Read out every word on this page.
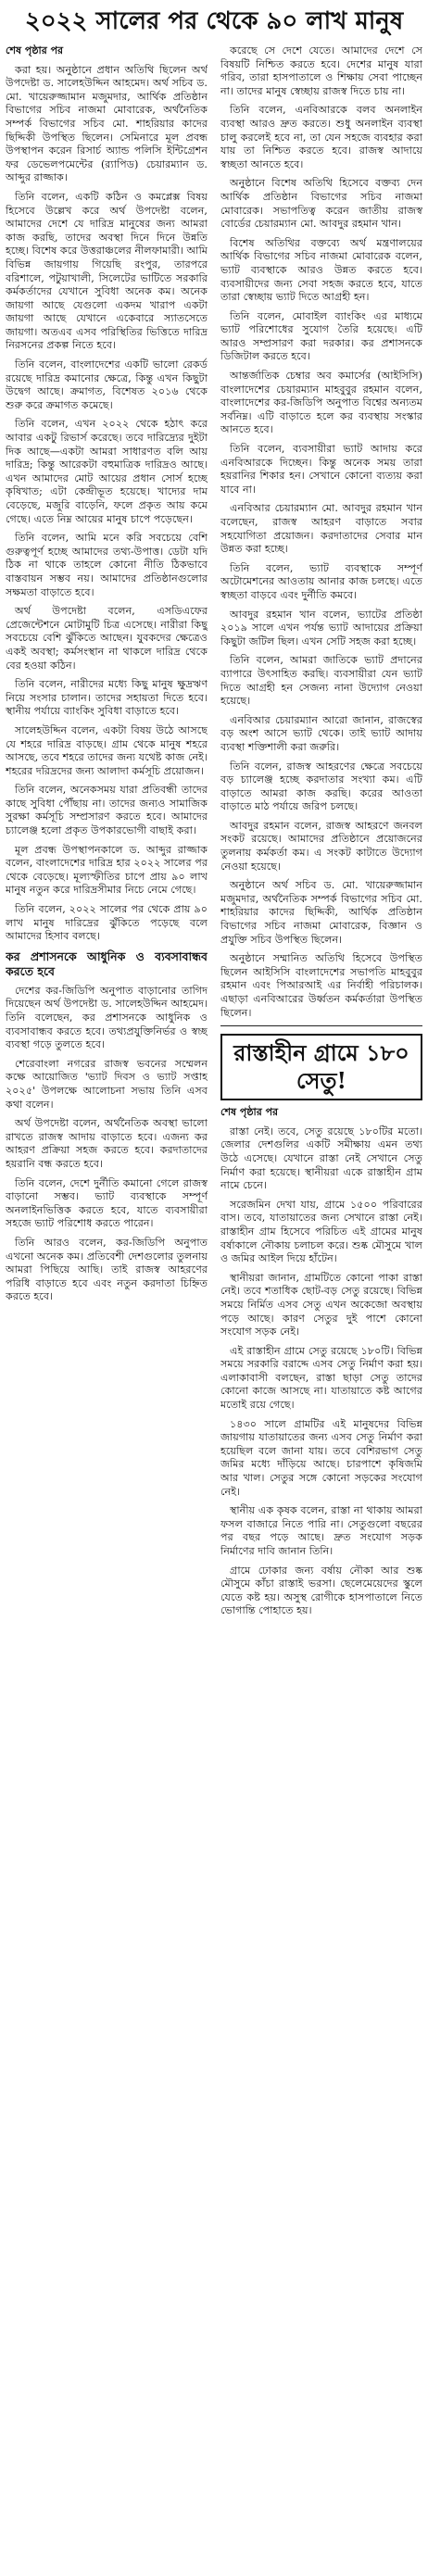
২০২২ সালের পর থেকে ৯০ লাখ মানুষ

শেষ পৃষ্ঠার পর

করা হয়। অনুষ্ঠানে প্রধান অতিথি ছিলেন অর্থ উপদেষ্টা ড. সালেহউদ্দিন আহমেদ। অর্থ সচিব ড. মো. খায়েরুজ্জামান মজুমদার, আর্থিক প্রতিষ্ঠান বিভাগের সচিব নাজমা মোবারেক, অর্থনৈতিক সম্পর্ক বিভাগের সচিব মো. শাহরিয়ার কাদের ছিদ্দিকী উপস্থিত ছিলেন। সেমিনারে মূল প্রবন্ধ উপস্থাপন করেন রিসার্চ অ্যান্ড পলিসি ইন্টিগ্রেশন ফর ডেভেলপমেন্টের (র‍্যাপিড) চেয়ারম্যান ড. আব্দুর রাজ্জাক।

তিনি বলেন, একটি কঠিন ও কমপ্লেক্স বিষয় হিসেবে উল্লেখ করে অর্থ উপদেষ্টা বলেন, আমাদের দেশে যে দারিদ্র মানুষের জন্য আমরা কাজ করছি, তাদের অবস্থা দিনে দিনে উন্নতি হচ্ছে। বিশেষ করে উত্তরাঞ্চলের নীলফামারী। আমি বিভিন্ন জায়গায় গিয়েছি রংপুর, তারপরে বরিশালে, পটুয়াখালী, সিলেটের ভাটিতে সরকারি কর্মকর্তাদের যেখানে সুবিধা অনেক কম। অনেক জায়গা আছে যেগুলো একদম খারাপ একটা জায়গা আছে যেখানে একেবারে স্যাতসেতে জায়গা। অতএব এসব পরিস্থিতির ভিত্তিতে দারিদ্র নিরসনের প্রকল্প নিতে হবে।

তিনি বলেন, বাংলাদেশের একটি ভালো রেকর্ড রয়েছে দারিদ্র কমানোর ক্ষেত্রে, কিন্তু এখন কিছুটা উদ্বেগ আছে। ক্রমাগত, বিশেষত ২০১৬ থেকে শুরু করে ক্রমাগত কমেছে।

তিনি বলেন, এখন ২০২২ থেকে হঠাৎ করে আবার একটু রিভার্স করেছে। তবে দারিদ্র্যের দুইটা দিক আছে—একটা আমরা সাধারণত বলি আয় দারিদ্র; কিন্তু আরেকটা বহুমাত্রিক দারিদ্রও আছে। এখন আমাদের মোট আয়ের প্রধান সোর্স হচ্ছে কৃষিখাত; এটা কেন্দ্রীভূত হয়েছে। খাদ্যের দাম বেড়েছে, মজুরি বাড়েনি, ফলে প্রকৃত আয় কমে গেছে। এতে নিম্ন আয়ের মানুষ চাপে পড়েছেন।

তিনি বলেন, আমি মনে করি সবচেয়ে বেশি গুরুত্বপূর্ণ হচ্ছে আমাদের তথ্য-উপাত্ত। ডেটা যদি ঠিক না থাকে তাহলে কোনো নীতি ঠিকভাবে বাস্তবায়ন সম্ভব নয়। আমাদের প্রতিষ্ঠানগুলোর সক্ষমতা বাড়াতে হবে।

অর্থ উপদেষ্টা বলেন, এসডিএফের প্রেজেন্টেশনে মোটামুটি চিত্র এসেছে। নারীরা কিছু সবচেয়ে বেশি ঝুঁকিতে আছেন। যুবকদের ক্ষেত্রেও একই অবস্থা; কর্মসংস্থান না থাকলে দারিদ্র থেকে বের হওয়া কঠিন।

তিনি বলেন, নারীদের মধ্যে কিছু মানুষ ক্ষুদ্রঋণ নিয়ে সংসার চালান। তাদের সহায়তা দিতে হবে। স্থানীয় পর্যায়ে ব্যাংকিং সুবিধা বাড়াতে হবে।

সালেহউদ্দিন বলেন, একটা বিষয় উঠে আসছে যে শহরে দারিদ্র বাড়ছে। গ্রাম থেকে মানুষ শহরে আসছে, তবে শহরে তাদের জন্য যথেষ্ট কাজ নেই। শহরের দরিদ্রদের জন্য আলাদা কর্মসূচি প্রয়োজন।

তিনি বলেন, অনেকসময় যারা প্রতিবন্ধী তাদের কাছে সুবিধা পৌঁছায় না। তাদের জন্যও সামাজিক সুরক্ষা কর্মসূচি সম্প্রসারণ করতে হবে। আমাদের চ্যালেঞ্জ হলো প্রকৃত উপকারভোগী বাছাই করা।

মূল প্রবন্ধ উপস্থাপনকালে ড. আব্দুর রাজ্জাক বলেন, বাংলাদেশের দারিদ্র হার ২০২২ সালের পর থেকে বেড়েছে। মূল্যস্ফীতির চাপে প্রায় ৯০ লাখ মানুষ নতুন করে দারিদ্রসীমার নিচে নেমে গেছে।

তিনি বলেন, ২০২২ সালের পর থেকে প্রায় ৯০ লাখ মানুষ দারিদ্রের ঝুঁকিতে পড়েছে বলে আমাদের হিসাব বলছে।

কর প্রশাসনকে আধুনিক ও ব্যবসাবান্ধব করতে হবে

দেশের কর-জিডিপি অনুপাত বাড়ানোর তাগিদ দিয়েছেন অর্থ উপদেষ্টা ড. সালেহউদ্দিন আহমেদ। তিনি বলেছেন, কর প্রশাসনকে আধুনিক ও ব্যবসাবান্ধব করতে হবে। তথ্যপ্রযুক্তিনির্ভর ও স্বচ্ছ ব্যবস্থা গড়ে তুলতে হবে।

শেরেবাংলা নগরের রাজস্ব ভবনের সম্মেলন কক্ষে আয়োজিত 'ভ্যাট দিবস ও ভ্যাট সপ্তাহ ২০২৫' উপলক্ষে আলোচনা সভায় তিনি এসব কথা বলেন।

অর্থ উপদেষ্টা বলেন, অর্থনৈতিক অবস্থা ভালো রাখতে রাজস্ব আদায় বাড়াতে হবে। এজন্য কর আহরণ প্রক্রিয়া সহজ করতে হবে। করদাতাদের হয়রানি বন্ধ করতে হবে।

তিনি বলেন, দেশে দুর্নীতি কমানো গেলে রাজস্ব বাড়ানো সম্ভব। ভ্যাট ব্যবস্থাকে সম্পূর্ণ অনলাইনভিত্তিক করতে হবে, যাতে ব্যবসায়ীরা সহজে ভ্যাট পরিশোধ করতে পারেন।

তিনি আরও বলেন, কর-জিডিপি অনুপাত এখনো অনেক কম। প্রতিবেশী দেশগুলোর তুলনায় আমরা পিছিয়ে আছি। তাই রাজস্ব আহরণের পরিধি বাড়াতে হবে এবং নতুন করদাতা চিহ্নিত করতে হবে।

করেছে সে দেশে যেতে। আমাদের দেশে সে বিষয়টি নিশ্চিত করতে হবে। দেশের মানুষ যারা গরিব, তারা হাসপাতালে ও শিক্ষায় সেবা পাচ্ছেন না। তাদের মানুষ স্বেচ্ছায় রাজস্ব দিতে চায় না।

তিনি বলেন, এনবিআরকে বলব অনলাইন ব্যবস্থা আরও দ্রুত করতে। শুধু অনলাইন ব্যবস্থা চালু করলেই হবে না, তা যেন সহজে ব্যবহার করা যায় তা নিশ্চিত করতে হবে। রাজস্ব আদায়ে স্বচ্ছতা আনতে হবে।

অনুষ্ঠানে বিশেষ অতিথি হিসেবে বক্তব্য দেন আর্থিক প্রতিষ্ঠান বিভাগের সচিব নাজমা মোবারেক। সভাপতিত্ব করেন জাতীয় রাজস্ব বোর্ডের চেয়ারম্যান মো. আবদুর রহমান খান।

বিশেষ অতিথির বক্তব্যে অর্থ মন্ত্রণালয়ের আর্থিক বিভাগের সচিব নাজমা মোবারেক বলেন, ভ্যাট ব্যবস্থাকে আরও উন্নত করতে হবে। ব্যবসায়ীদের জন্য সেবা সহজ করতে হবে, যাতে তারা স্বেচ্ছায় ভ্যাট দিতে আগ্রহী হন।

তিনি বলেন, মোবাইল ব্যাংকিং এর মাধ্যমে ভ্যাট পরিশোধের সুযোগ তৈরি হয়েছে। এটি আরও সম্প্রসারণ করা দরকার। কর প্রশাসনকে ডিজিটাল করতে হবে।

আন্তর্জাতিক চেম্বার অব কমার্সের (আইসিসি) বাংলাদেশের চেয়ারম্যান মাহবুবুর রহমান বলেন, বাংলাদেশের কর-জিডিপি অনুপাত বিশ্বের অন্যতম সর্বনিম্ন। এটি বাড়াতে হলে কর ব্যবস্থায় সংস্কার আনতে হবে।

তিনি বলেন, ব্যবসায়ীরা ভ্যাট আদায় করে এনবিআরকে দিচ্ছেন। কিন্তু অনেক সময় তারা হয়রানির শিকার হন। সেখানে কোনো ব্যত্যয় করা যাবে না।

এনবিআর চেয়ারম্যান মো. আবদুর রহমান খান বলেছেন, রাজস্ব আহরণ বাড়াতে সবার সহযোগিতা প্রয়োজন। করদাতাদের সেবার মান উন্নত করা হচ্ছে।

তিনি বলেন, ভ্যাট ব্যবস্থাকে সম্পূর্ণ অটোমেশনের আওতায় আনার কাজ চলছে। এতে স্বচ্ছতা বাড়বে এবং দুর্নীতি কমবে।

আবদুর রহমান খান বলেন, ভ্যাটের প্রতিষ্ঠা ২০১৯ সালে এখন পর্যন্ত ভ্যাট আদায়ের প্রক্রিয়া কিছুটা জটিল ছিল। এখন সেটি সহজ করা হচ্ছে।

তিনি বলেন, আমরা জাতিকে ভ্যাট প্রদানের ব্যাপারে উৎসাহিত করছি। ব্যবসায়ীরা যেন ভ্যাট দিতে আগ্রহী হন সেজন্য নানা উদ্যোগ নেওয়া হয়েছে।

এনবিআর চেয়ারম্যান আরো জানান, রাজস্বের বড় অংশ আসে ভ্যাট থেকে। তাই ভ্যাট আদায় ব্যবস্থা শক্তিশালী করা জরুরি।

তিনি বলেন, রাজস্ব আহরণের ক্ষেত্রে সবচেয়ে বড় চ্যালেঞ্জ হচ্ছে করদাতার সংখ্যা কম। এটি বাড়াতে আমরা কাজ করছি। করের আওতা বাড়াতে মাঠ পর্যায়ে জরিপ চলছে।

আবদুর রহমান বলেন, রাজস্ব আহরণে জনবল সংকট রয়েছে। আমাদের প্রতিষ্ঠানে প্রয়োজনের তুলনায় কর্মকর্তা কম। এ সংকট কাটাতে উদ্যোগ নেওয়া হয়েছে।

অনুষ্ঠানে অর্থ সচিব ড. মো. খায়েরুজ্জামান মজুমদার, অর্থনৈতিক সম্পর্ক বিভাগের সচিব মো. শাহরিয়ার কাদের ছিদ্দিকী, আর্থিক প্রতিষ্ঠান বিভাগের সচিব নাজমা মোবারেক, বিজ্ঞান ও প্রযুক্তি সচিব উপস্থিত ছিলেন।

অনুষ্ঠানে সম্মানিত অতিথি হিসেবে উপস্থিত ছিলেন আইসিসি বাংলাদেশের সভাপতি মাহবুবুর রহমান এবং পিআরআই এর নির্বাহী পরিচালক। এছাড়া এনবিআরের উর্ধ্বতন কর্মকর্তারা উপস্থিত ছিলেন।

রাস্তাহীন গ্রামে ১৮০ সেতু!

শেষ পৃষ্ঠার পর

রাস্তা নেই। তবে, সেতু রয়েছে ১৮০টির মতো। জেলার দেশগুলির একটি সমীক্ষায় এমন তথ্য উঠে এসেছে। যেখানে রাস্তা নেই সেখানে সেতু নির্মাণ করা হয়েছে। স্থানীয়রা একে রাস্তাহীন গ্রাম নামে চেনে।

সরেজমিন দেখা যায়, গ্রামে ১৫০০ পরিবারের বাস। তবে, যাতায়াতের জন্য সেখানে রাস্তা নেই। রাস্তাহীন গ্রাম হিসেবে পরিচিত এই গ্রামের মানুষ বর্ষাকালে নৌকায় চলাচল করে। শুষ্ক মৌসুমে খাল ও জমির আইল দিয়ে হাঁটেন।

স্থানীয়রা জানান, গ্রামটিতে কোনো পাকা রাস্তা নেই। তবে শতাধিক ছোট-বড় সেতু রয়েছে। বিভিন্ন সময়ে নির্মিত এসব সেতু এখন অকেজো অবস্থায় পড়ে আছে। কারণ সেতুর দুই পাশে কোনো সংযোগ সড়ক নেই।

এই রাস্তাহীন গ্রামে সেতু রয়েছে ১৮০টি। বিভিন্ন সময়ে সরকারি বরাদ্দে এসব সেতু নির্মাণ করা হয়। এলাকাবাসী বলছেন, রাস্তা ছাড়া সেতু তাদের কোনো কাজে আসছে না। যাতায়াতে কষ্ট আগের মতোই রয়ে গেছে।

১৪৩০ সালে গ্রামটির এই মানুষদের বিভিন্ন জায়গায় যাতায়াতের জন্য এসব সেতু নির্মাণ করা হয়েছিল বলে জানা যায়। তবে বেশিরভাগ সেতু জমির মধ্যে দাঁড়িয়ে আছে। চারপাশে কৃষিজমি আর খাল। সেতুর সঙ্গে কোনো সড়কের সংযোগ নেই।

স্থানীয় এক কৃষক বলেন, রাস্তা না থাকায় আমরা ফসল বাজারে নিতে পারি না। সেতুগুলো বছরের পর বছর পড়ে আছে। দ্রুত সংযোগ সড়ক নির্মাণের দাবি জানান তিনি।

গ্রামে ঢোকার জন্য বর্ষায় নৌকা আর শুষ্ক মৌসুমে কাঁচা রাস্তাই ভরসা। ছেলেমেয়েদের স্কুলে যেতে কষ্ট হয়। অসুস্থ রোগীকে হাসপাতালে নিতে ভোগান্তি পোহাতে হয়।
